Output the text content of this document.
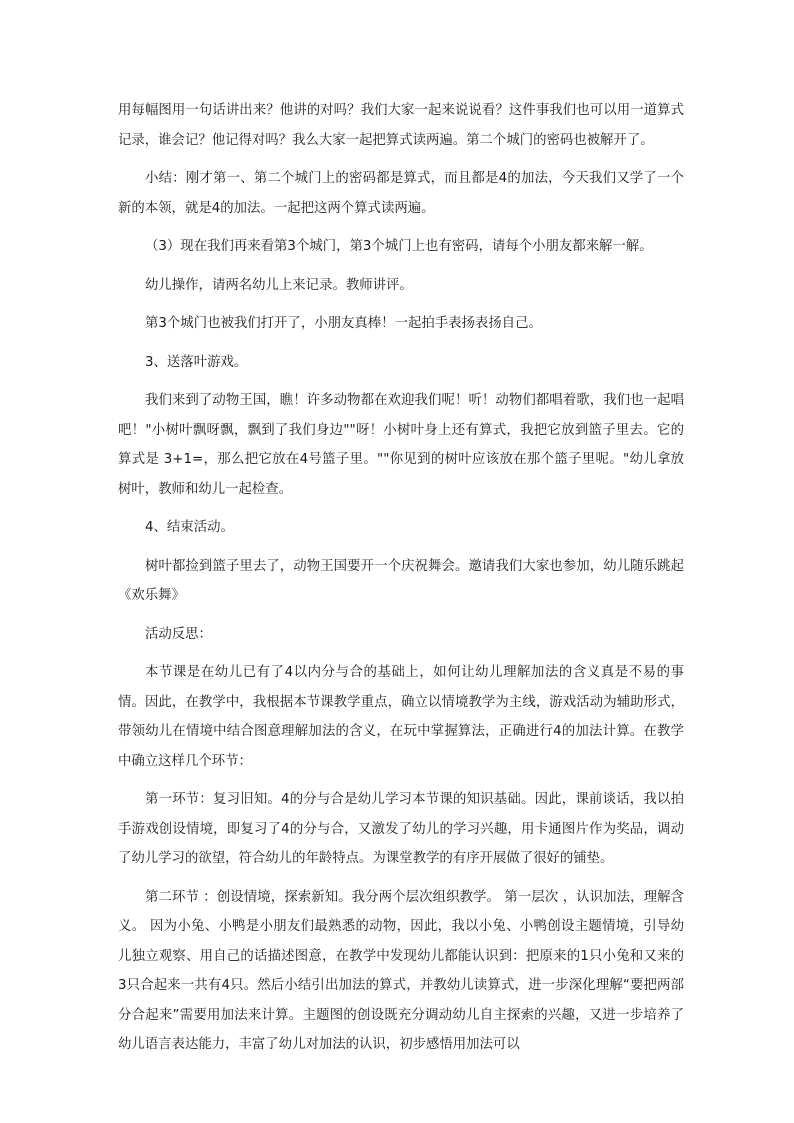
用每幅图用一句话讲出来？他讲的对吗？我们大家一起来说说看？这件事我们也可以用一道算式记录，谁会记？他记得对吗？我么大家一起把算式读两遍。第二个城门的密码也被解开了。

小结：刚才第一、第二个城门上的密码都是算式，而且都是4的加法，今天我们又学了一个新的本领，就是4的加法。一起把这两个算式读两遍。

（3）现在我们再来看第3个城门，第3个城门上也有密码，请每个小朋友都来解一解。

幼儿操作，请两名幼儿上来记录。教师讲评。

第3个城门也被我们打开了，小朋友真棒！一起拍手表扬表扬自己。

3、送落叶游戏。

我们来到了动物王国，瞧！许多动物都在欢迎我们呢！听！动物们都唱着歌，我们也一起唱吧！"小树叶飘呀飘，飘到了我们身边""呀！小树叶身上还有算式，我把它放到篮子里去。它的算式是 3+1=，那么把它放在4号篮子里。""你见到的树叶应该放在那个篮子里呢。"幼儿拿放树叶，教师和幼儿一起检查。

4、结束活动。

树叶都捡到篮子里去了，动物王国要开一个庆祝舞会。邀请我们大家也参加，幼儿随乐跳起《欢乐舞》

活动反思：

本节课是在幼儿已有了4以内分与合的基础上，如何让幼儿理解加法的含义真是不易的事情。因此，在教学中，我根据本节课教学重点，确立以情境教学为主线，游戏活动为辅助形式，带领幼儿在情境中结合图意理解加法的含义，在玩中掌握算法，正确进行4的加法计算。在教学中确立这样几个环节：

第一环节：复习旧知。4的分与合是幼儿学习本节课的知识基础。因此，课前谈话，我以拍手游戏创设情境，即复习了4的分与合，又激发了幼儿的学习兴趣，用卡通图片作为奖品，调动了幼儿学习的欲望，符合幼儿的年龄特点。为课堂教学的有序开展做了很好的铺垫。

第二环节 ：创设情境，探索新知。我分两个层次组织教学。 第一层次 ，认识加法，理解含义。 因为小兔、小鸭是小朋友们最熟悉的动物，因此，我以小兔、小鸭创设主题情境，引导幼儿独立观察、用自己的话描述图意，在教学中发现幼儿都能认识到：把原来的1只小兔和又来的3只合起来一共有4只。然后小结引出加法的算式，并教幼儿读算式，进一步深化理解“要把两部分合起来”需要用加法来计算。主题图的创设既充分调动幼儿自主探索的兴趣，又进一步培养了幼儿语言表达能力，丰富了幼儿对加法的认识，初步感悟用加法可以
